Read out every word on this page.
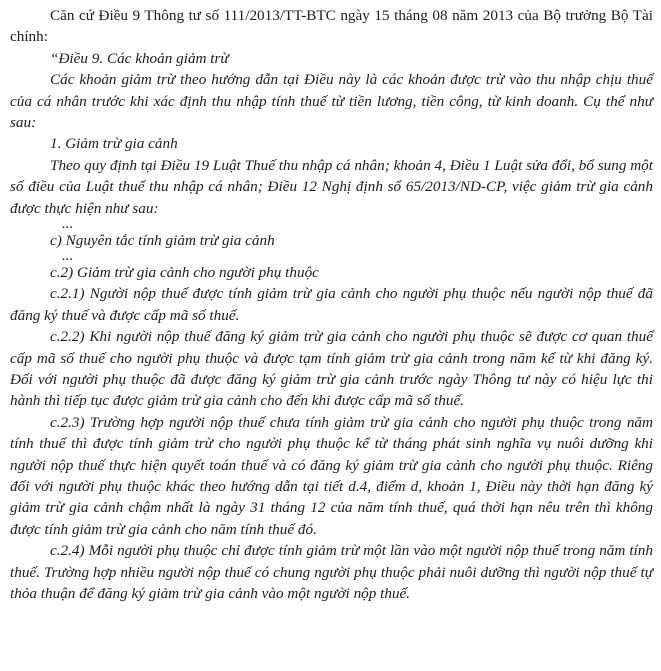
Căn cứ Điều 9 Thông tư số 111/2013/TT-BTC ngày 15 tháng 08 năm 2013 của Bộ trưởng Bộ Tài chính:

“Điều 9. Các khoản giảm trừ

Các khoản giảm trừ theo hướng dẫn tại Điều này là các khoản được trừ vào thu nhập chịu thuế của cá nhân trước khi xác định thu nhập tính thuế từ tiền lương, tiền công, từ kinh doanh. Cụ thể như sau:

1. Giảm trừ gia cảnh

Theo quy định tại Điều 19 Luật Thuế thu nhập cá nhân; khoản 4, Điều 1 Luật sửa đổi, bổ sung một số điều của Luật thuế thu nhập cá nhân; Điều 12 Nghị định số 65/2013/ND-CP, việc giảm trừ gia cảnh được thực hiện như sau:

...

c) Nguyên tắc tính giảm trừ gia cảnh

...

c.2) Giảm trừ gia cảnh cho người phụ thuộc

c.2.1) Người nộp thuế được tính giảm trừ gia cảnh cho người phụ thuộc nếu người nộp thuế đã đăng ký thuế và được cấp mã số thuế.

c.2.2) Khi người nộp thuế đăng ký giảm trừ gia cảnh cho người phụ thuộc sẽ được cơ quan thuế cấp mã số thuế cho người phụ thuộc và được tạm tính giảm trừ gia cảnh trong năm kể từ khi đăng ký. Đối với người phụ thuộc đã được đăng ký giảm trừ gia cảnh trước ngày Thông tư này có hiệu lực thi hành thì tiếp tục được giảm trừ gia cảnh cho đến khi được cấp mã số thuế.

c.2.3) Trường hợp người nộp thuế chưa tính giảm trừ gia cảnh cho người phụ thuộc trong năm tính thuế thì được tính giảm trừ cho người phụ thuộc kể từ tháng phát sinh nghĩa vụ nuôi dưỡng khi người nộp thuế thực hiện quyết toán thuế và có đăng ký giảm trừ gia cảnh cho người phụ thuộc. Riêng đối với người phụ thuộc khác theo hướng dẫn tại tiết d.4, điểm d, khoản 1, Điều này thời hạn đăng ký giảm trừ gia cảnh chậm nhất là ngày 31 tháng 12 của năm tính thuế, quá thời hạn nêu trên thì không được tính giảm trừ gia cảnh cho năm tính thuế đó.

c.2.4) Mỗi người phụ thuộc chỉ được tính giảm trừ một lần vào một người nộp thuế trong năm tính thuế. Trường hợp nhiều người nộp thuế có chung người phụ thuộc phải nuôi dưỡng thì người nộp thuế tự thỏa thuận để đăng ký giảm trừ gia cảnh vào một người nộp thuế.
